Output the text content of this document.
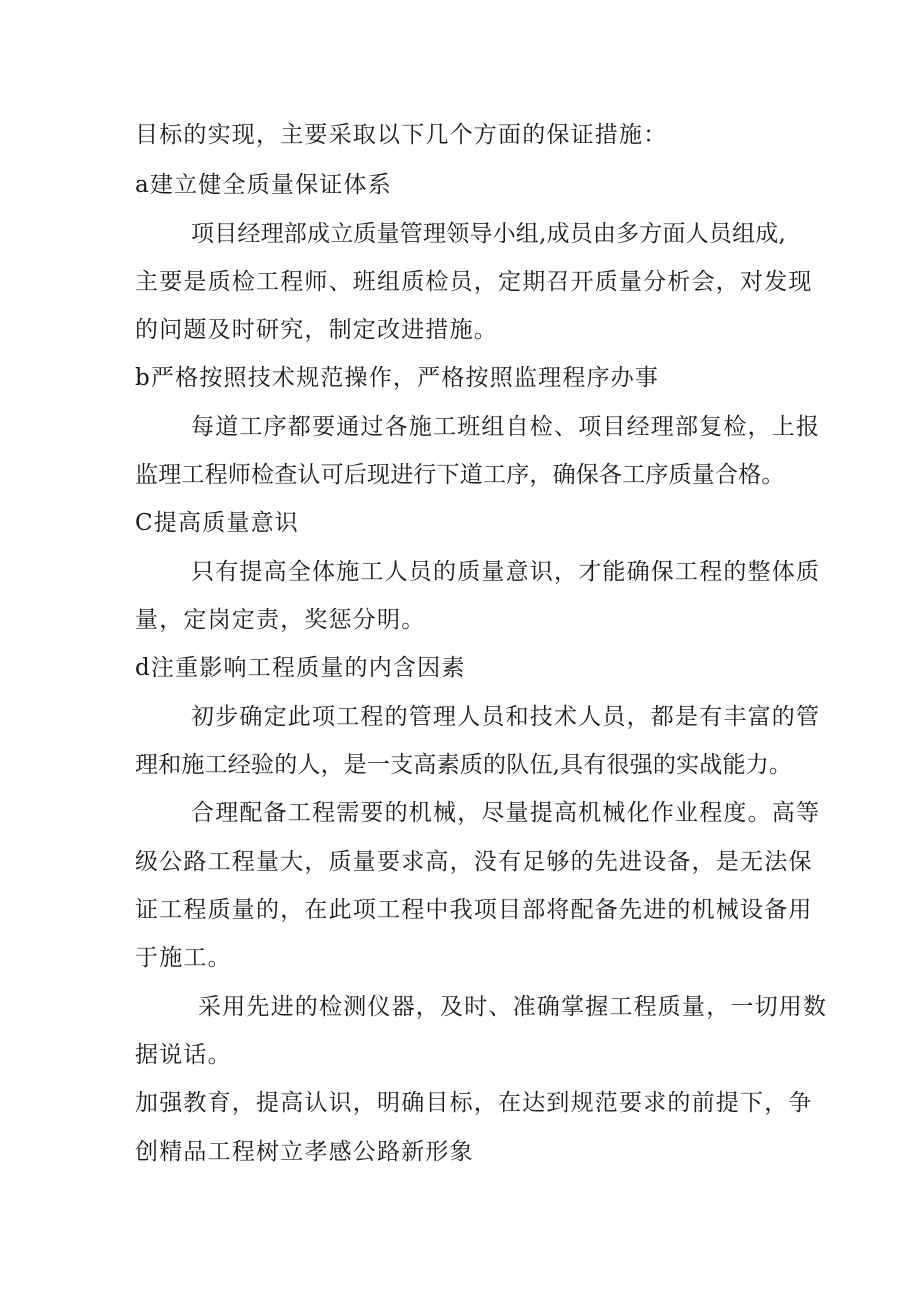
目标的实现，主要采取以下几个方面的保证措施：
a建立健全质量保证体系
项目经理部成立质量管理领导小组,成员由多方面人员组成,
主要是质检工程师、班组质检员，定期召开质量分析会，对发现
的问题及时研究，制定改进措施。
b严格按照技术规范操作，严格按照监理程序办事
每道工序都要通过各施工班组自检、项目经理部复检，上报
监理工程师检查认可后现进行下道工序，确保各工序质量合格。
C提高质量意识
只有提高全体施工人员的质量意识，才能确保工程的整体质
量，定岗定责，奖惩分明。
d注重影响工程质量的内含因素
初步确定此项工程的管理人员和技术人员，都是有丰富的管
理和施工经验的人，是一支高素质的队伍,具有很强的实战能力。
合理配备工程需要的机械，尽量提高机械化作业程度。高等
级公路工程量大，质量要求高，没有足够的先进设备，是无法保
证工程质量的，在此项工程中我项目部将配备先进的机械设备用
于施工。
采用先进的检测仪器，及时、准确掌握工程质量，一切用数
据说话。
加强教育，提高认识，明确目标，在达到规范要求的前提下，争
创精品工程树立孝感公路新形象
